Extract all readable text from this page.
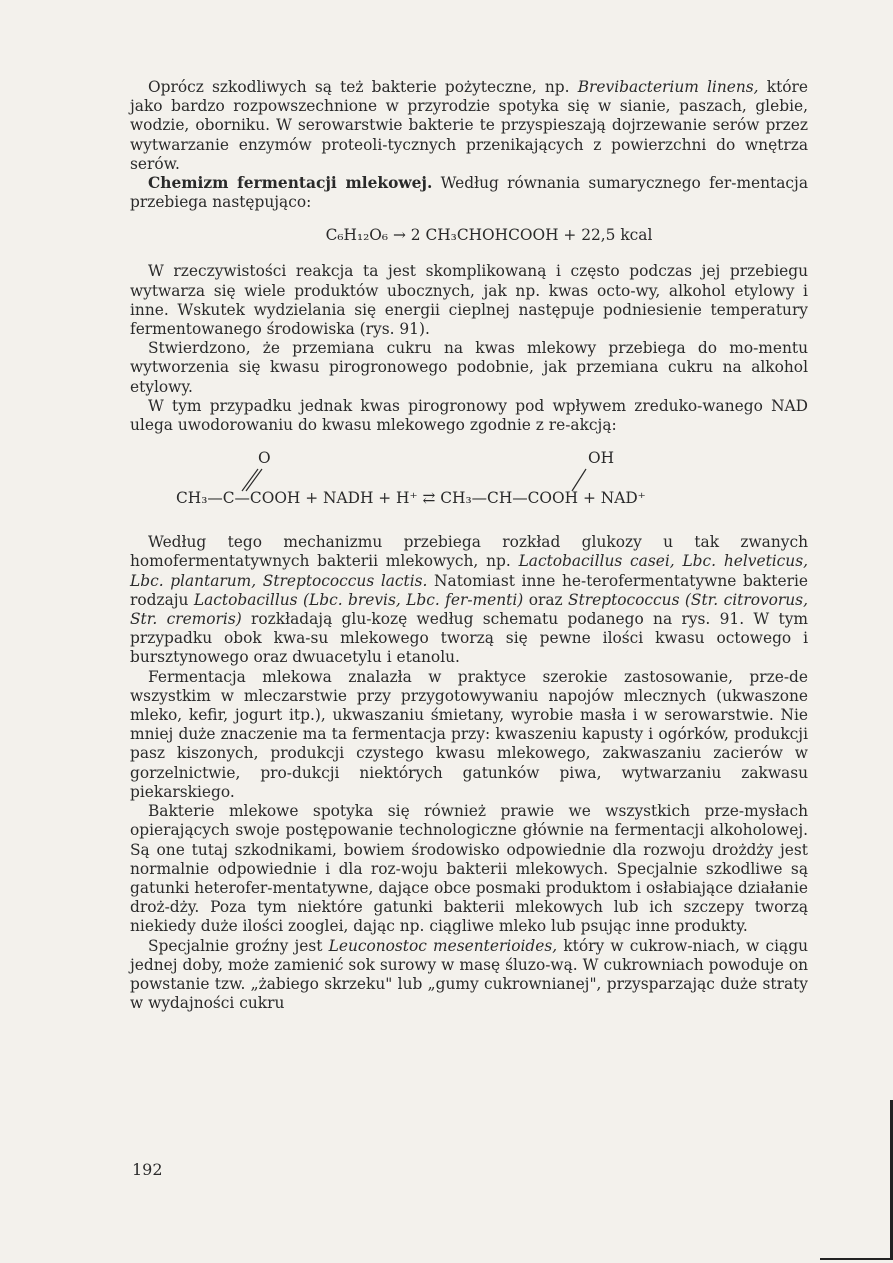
Oprócz szkodliwych są też bakterie pożyteczne, np. Brevibacterium linens, które jako bardzo rozpowszechnione w przyrodzie spotyka się w sianie, paszach, glebie, wodzie, oborniku. W serowarstwie bakterie te przyspieszają dojrzewanie serów przez wytwarzanie enzymów proteoli-tycznych przenikających z powierzchni do wnętrza serów.

Chemizm fermentacji mlekowej. Według równania sumarycznego fer-mentacja przebiega następująco:

C₆H₁₂O₆ → 2 CH₃CHOHCOOH + 22,5 kcal

W rzeczywistości reakcja ta jest skomplikowaną i często podczas jej przebiegu wytwarza się wiele produktów ubocznych, jak np. kwas octo-wy, alkohol etylowy i inne. Wskutek wydzielania się energii cieplnej następuje podniesienie temperatury fermentowanego środowiska (rys. 91).

Stwierdzono, że przemiana cukru na kwas mlekowy przebiega do mo-mentu wytworzenia się kwasu pirogronowego podobnie, jak przemiana cukru na alkohol etylowy.

W tym przypadku jednak kwas pirogronowy pod wpływem zreduko-wanego NAD ulega uwodorowaniu do kwasu mlekowego zgodnie z re-akcją:

O	OH
CH₃—C—COOH + NADH + H⁺ ⇄ CH₃—CH—COOH + NAD⁺

Według tego mechanizmu przebiega rozkład glukozy u tak zwanych homofermentatywnych bakterii mlekowych, np. Lactobacillus casei, Lbc. helveticus, Lbc. plantarum, Streptococcus lactis. Natomiast inne he-terofermentatywne bakterie rodzaju Lactobacillus (Lbc. brevis, Lbc. fer-menti) oraz Streptococcus (Str. citrovorus, Str. cremoris) rozkładają glu-kozę według schematu podanego na rys. 91. W tym przypadku obok kwa-su mlekowego tworzą się pewne ilości kwasu octowego i bursztynowego oraz dwuacetylu i etanolu.

Fermentacja mlekowa znalazła w praktyce szerokie zastosowanie, prze-de wszystkim w mleczarstwie przy przygotowywaniu napojów mlecznych (ukwaszone mleko, kefir, jogurt itp.), ukwaszaniu śmietany, wyrobie masła i w serowarstwie. Nie mniej duże znaczenie ma ta fermentacja przy: kwaszeniu kapusty i ogórków, produkcji pasz kiszonych, produkcji czystego kwasu mlekowego, zakwaszaniu zacierów w gorzelnictwie, pro-dukcji niektórych gatunków piwa, wytwarzaniu zakwasu piekarskiego.

Bakterie mlekowe spotyka się również prawie we wszystkich prze-mysłach opierających swoje postępowanie technologiczne głównie na fermentacji alkoholowej. Są one tutaj szkodnikami, bowiem środowisko odpowiednie dla rozwoju drożdży jest normalnie odpowiednie i dla roz-woju bakterii mlekowych. Specjalnie szkodliwe są gatunki heterofer-mentatywne, dające obce posmaki produktom i osłabiające działanie droż-dży. Poza tym niektóre gatunki bakterii mlekowych lub ich szczepy tworzą niekiedy duże ilości zooglei, dając np. ciągliwe mleko lub psując inne produkty.

Specjalnie groźny jest Leuconostoc mesenterioides, który w cukrow-niach, w ciągu jednej doby, może zamienić sok surowy w masę śluzo-wą. W cukrowniach powoduje on powstanie tzw. „żabiego skrzeku" lub „gumy cukrownianej", przysparzając duże straty w wydajności cukru

192
